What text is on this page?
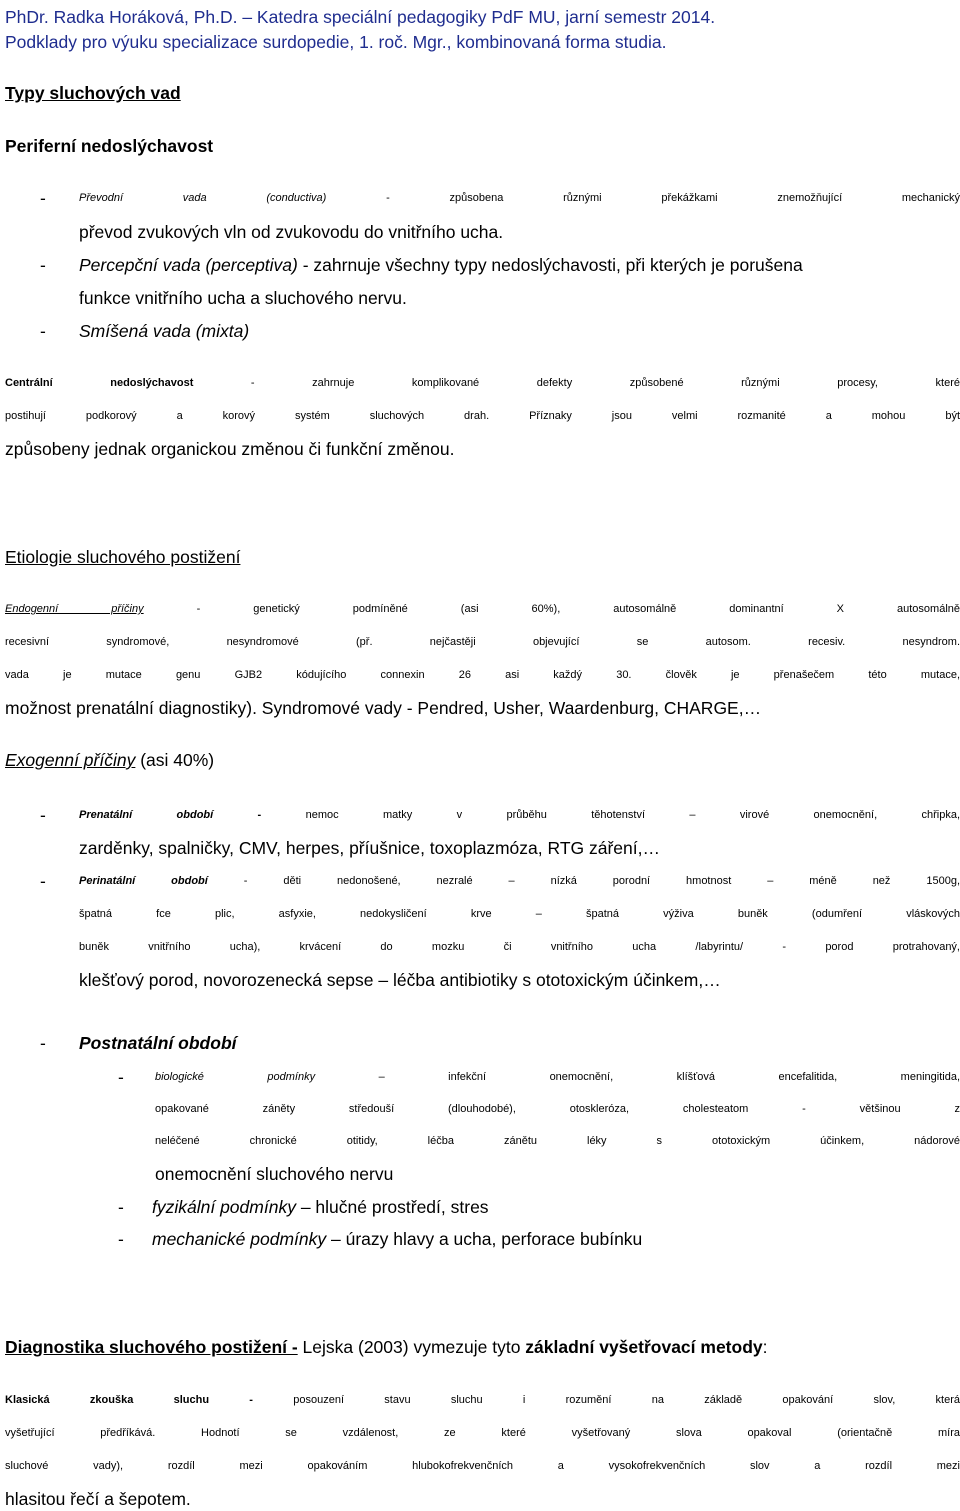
PhDr. Radka Horáková, Ph.D. – Katedra speciální pedagogiky PdF MU, jarní semestr 2014.
Podklady pro výuku specializace surdopedie, 1. roč. Mgr., kombinovaná forma studia.
Typy sluchových vad
Periferní nedoslýchavost
-	Převodní vada (conductiva) - způsobena různými překážkami znemožňující mechanický
převod zvukových vln od zvukovodu do vnitřního ucha.
- Percepční vada (perceptiva) - zahrnuje všechny typy nedoslýchavosti, při kterých je porušena
funkce vnitřního ucha a sluchového nervu.
- Smíšená vada (mixta)
Centrální nedoslýchavost - zahrnuje komplikované defekty způsobené různými procesy, které
postihují podkorový a korový systém sluchových drah. Příznaky jsou velmi rozmanité a mohou být
způsobeny jednak organickou změnou či funkční změnou.
Etiologie sluchového postižení
Endogenní příčiny - genetický podmíněné (asi 60%), autosomálně dominantní X autosomálně
recesivní syndromové, nesyndromové (př. nejčastěji objevující se autosom. recesiv. nesyndrom.
vada je mutace genu GJB2 kódujícího connexin 26 asi každý 30. člověk je přenašečem této mutace,
možnost prenatální diagnostiky). Syndromové vady - Pendred, Usher, Waardenburg, CHARGE,…
Exogenní příčiny (asi 40%)
-	Prenatální období - nemoc matky v průběhu těhotenství – virové onemocnění, chřipka,
zarděnky, spalničky, CMV, herpes, příušnice, toxoplazmóza, RTG záření,…
-	Perinatální období - děti nedonošené, nezralé – nízká porodní hmotnost – méně než 1500g,
špatná fce plic, asfyxie, nedokysličení krve – špatná výživa buněk (odumření vláskových
buněk vnitřního ucha), krvácení do mozku či vnitřního ucha /labyrintu/ - porod protrahovaný,
klešťový porod, novorozenecká sepse – léčba antibiotiky s ototoxickým účinkem,…
- Postnatální období
-	biologické podmínky – infekční onemocnění, klíšťová encefalitida, meningitida,
opakované záněty středouší (dlouhodobé), otoskleróza, cholesteatom - většinou z
neléčené chronické otitidy, léčba zánětu léky s ototoxickým účinkem, nádorové
onemocnění sluchového nervu
- fyzikální podmínky – hlučné prostředí, stres
- mechanické podmínky – úrazy hlavy a ucha, perforace bubínku
Diagnostika sluchového postižení - Lejska (2003) vymezuje tyto základní vyšetřovací metody:
Klasická zkouška sluchu - posouzení stavu sluchu i rozumění na základě opakování slov, která
vyšetřující předříkává. Hodnotí se vzdálenost, ze které vyšetřovaný slova opakoval (orientačně míra
sluchové vady), rozdíl mezi opakováním hlubokofrekvenčních a vysokofrekvenčních slov a rozdíl mezi
hlasitou řečí a šepotem.
